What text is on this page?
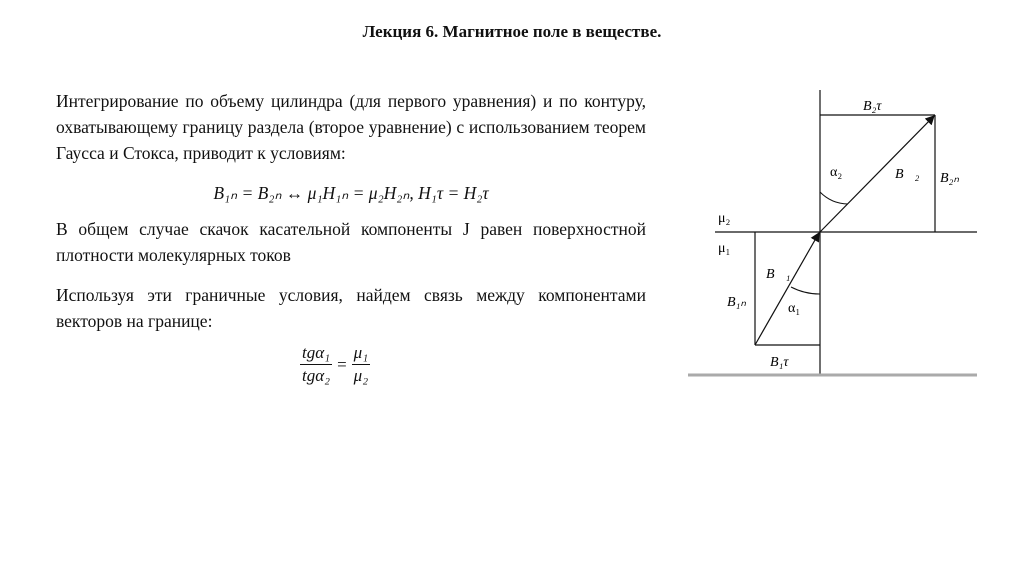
Лекция 6. Магнитное поле в веществе.
Интегрирование по объему цилиндра (для первого уравнения) и по контуру, охватывающему границу раздела (второе уравнение) с использованием теорем Гаусса и Стокса, приводит к условиям:
B₁ₙ = B₂ₙ ↔ μ₁H₁ₙ = μ₂H₂ₙ, H₁τ = H₂τ
В общем случае скачок касательной компоненты J равен поверхностной плотности молекулярных токов
Используя эти граничные условия, найдем связь между компонентами векторов на границе:
tgα₁	=	μ₁
tgα₂		μ₂
B₂τ
α₂	B⃗₂ B₂ₙ
μ₂
μ₁
B⃗₁
B₁ₙ	α₁
B₁τ
